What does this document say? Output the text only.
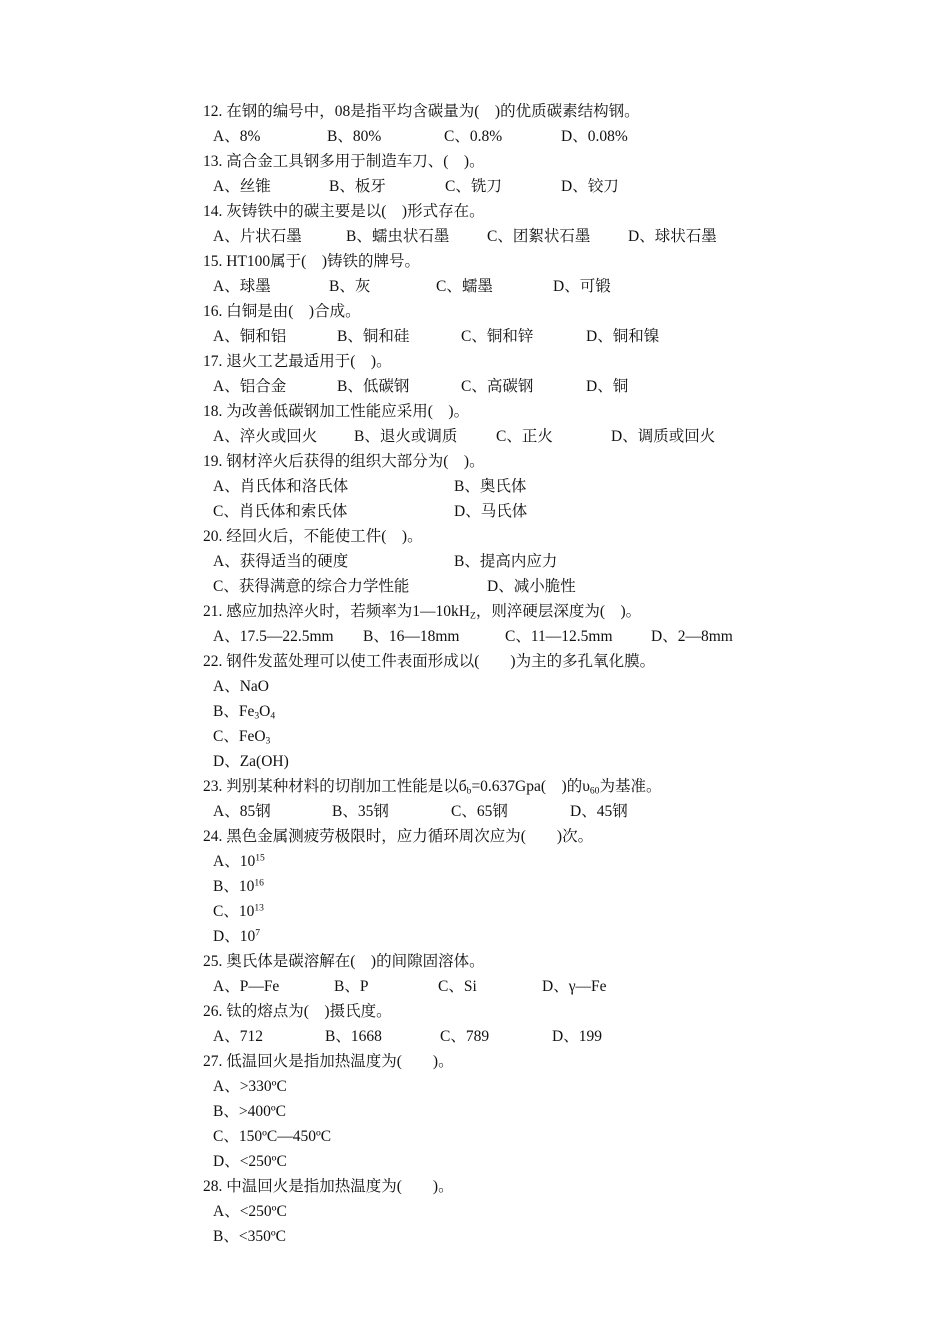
12. 在钢的编号中，08是指平均含碳量为(　)的优质碳素结构钢。

A、8%

	B、80%

	C、0.8%

	D、0.08%

13. 高合金工具钢多用于制造车刀、(　)。

A、丝锥

	B、板牙

	C、铣刀

	D、铰刀

14. 灰铸铁中的碳主要是以(　)形式存在。

A、片状石墨

	B、蠕虫状石墨

C、团絮状石墨

D、球状石墨

15. HT100属于(　)铸铁的牌号。

A、球墨

	B、灰

	C、蠕墨

	D、可锻

16. 白铜是由(　)合成。

A、铜和铝

	B、铜和硅

	C、铜和锌

	D、铜和镍

17. 退火工艺最适用于(　)。

A、铝合金

	B、低碳钢

	C、高碳钢

	D、铜

18. 为改善低碳钢加工性能应采用(　)。

A、淬火或回火

B、退火或调质

C、正火

	D、调质或回火

19. 钢材淬火后获得的组织大部分为(　)。

A、肖氏体和洛氏体

	B、奥氏体

C、肖氏体和索氏体

	D、马氏体

20. 经回火后，不能使工件(　)。

A、获得适当的硬度

	B、提高内应力

C、获得满意的综合力学性能

	D、减小脆性

21. 感应加热淬火时，若频率为$1—10kH_Z$，则淬硬层深度为(　)。

A、17.5—22.5mm

B、16—18mm

	C、11—12.5mm

D、2—8mm

22. 钢件发蓝处理可以使工件表面形成以(　　)为主的多孔氧化膜。
A、NaO
B、$Fe_3O_4$
C、FeO$_3$
D、Za(OH)
23. 判别某种材料的切削加工性能是以$б_b=0.637Gpa$(　)的$\upsilon_{60}$为基准。

A、85钢

	B、35钢

	C、65钢

	D、45钢

24. 黑色金属测疲劳极限时，应力循环周次应为(　　)次。
A、$10^{15}$
B、$10^{16}$
C、$10^{13}$
D、$10^7$
25. 奥氏体是碳溶解在(　)的间隙固溶体。

A、P—Fe

	B、P

	C、Si

	D、γ—Fe

26. 钛的熔点为(　)摄氏度。

A、712

	B、1668

	C、789

	D、199

27. 低温回火是指加热温度为(　　)。
A、>330ºC
B、>400ºC
C、150ºC—450ºC
D、<250ºC
28. 中温回火是指加热温度为(　　)。
A、<250ºC
B、<350ºC
